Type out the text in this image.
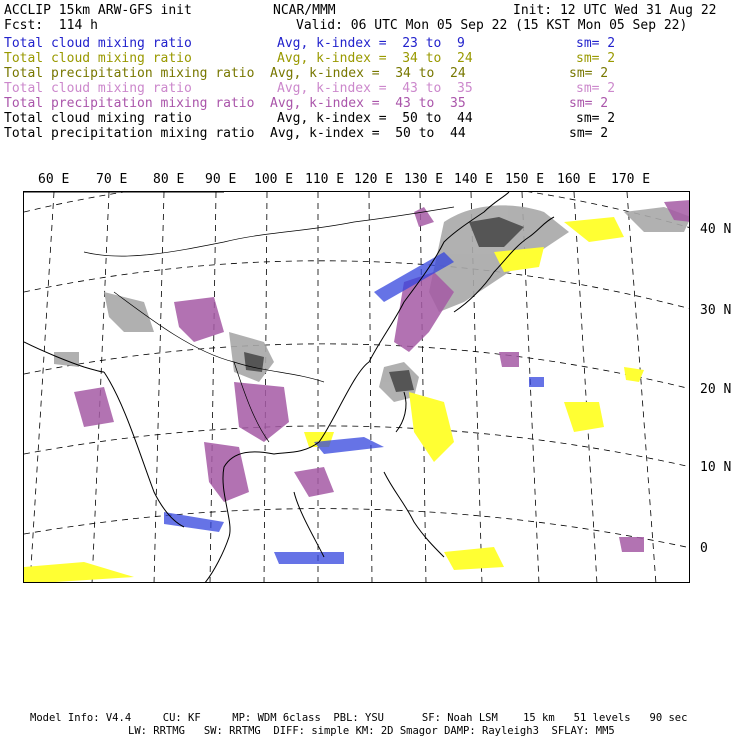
ACCLIP 15km ARW-GFS init	NCAR/MMM	Init: 12 UTC Wed 31 Aug 22
Fcst:  114 h	Valid: 06 UTC Mon 05 Sep 22 (15 KST Mon 05 Sep 22)
Total cloud mixing ratio	Avg, k-index =  23 to  9	sm= 2
Total cloud mixing ratio	Avg, k-index =  34 to  24	sm= 2
Total precipitation mixing ratio Avg, k-index =  34 to  24	sm= 2
Total cloud mixing ratio	Avg, k-index =  43 to  35	sm= 2
Total precipitation mixing ratio Avg, k-index =  43 to  35	sm= 2
Total cloud mixing ratio	Avg, k-index =  50 to  44	sm= 2
Total precipitation mixing ratio Avg, k-index =  50 to  44	sm= 2
60 E 70 E 80 E 90 E 100 E 110 E 120 E 130 E 140 E 150 E 160 E 170 E
40 N
30 N
20 N
10 N
0
Model Info: V4.4     CU: KF     MP: WDM 6class  PBL: YSU      SF: Noah LSM    15 km   51 levels   90 sec
LW: RRTMG   SW: RRTMG  DIFF: simple KM: 2D Smagor DAMP: Rayleigh3  SFLAY: MM5
